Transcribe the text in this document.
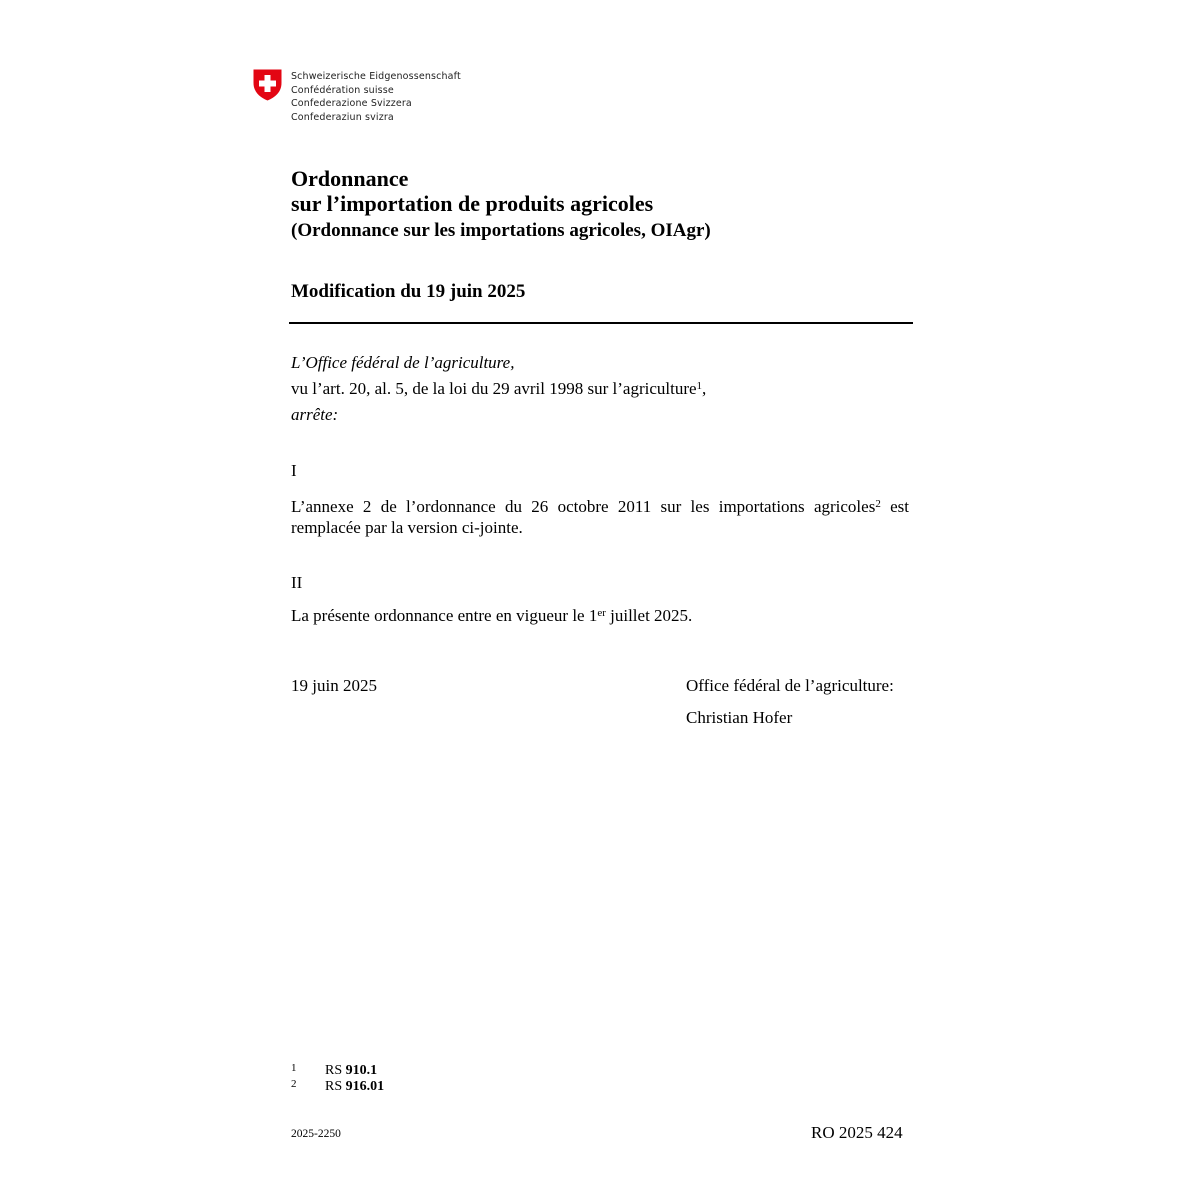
Schweizerische Eidgenossenschaft
Confédération suisse
Confederazione Svizzera
Confederaziun svizra
Ordonnance
sur l’importation de produits agricoles
(Ordonnance sur les importations agricoles, OIAgr)
Modification du 19 juin 2025
L’Office fédéral de l’agriculture,
vu l’art. 20, al. 5, de la loi du 29 avril 1998 sur l’agriculture$^1$,
arrête:
I
L’annexe 2 de l’ordonnance du 26 octobre 2011 sur les importations agricoles$^2$ est remplacée par la version ci-jointe.
II
La présente ordonnance entre en vigueur le 1er juillet 2025.
19 juin 2025	Office fédéral de l’agriculture:
Christian Hofer
1 RS 910.1
2 RS 916.01
2025-2250	RO 2025 424
